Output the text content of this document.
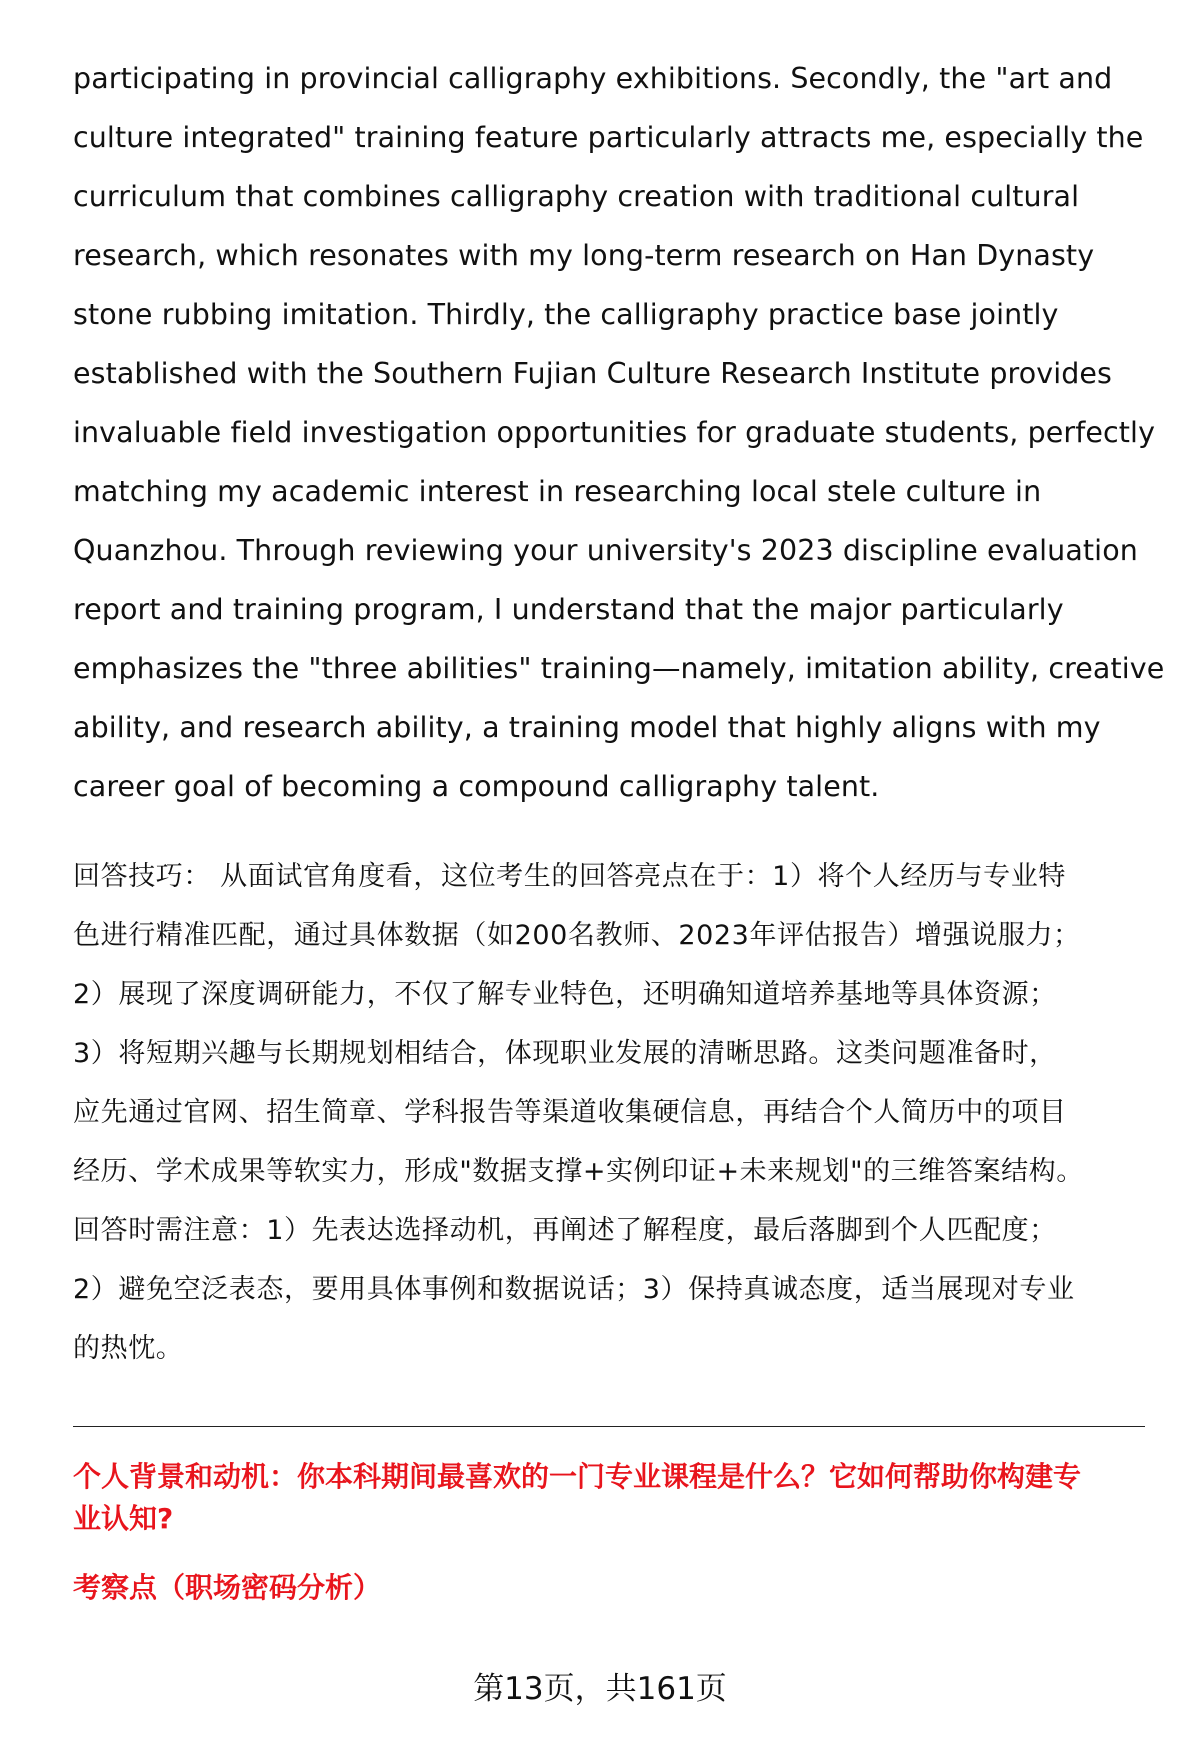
participating in provincial calligraphy exhibitions. Secondly, the "art and
culture integrated" training feature particularly attracts me, especially the
curriculum that combines calligraphy creation with traditional cultural
research, which resonates with my long-term research on Han Dynasty
stone rubbing imitation. Thirdly, the calligraphy practice base jointly
established with the Southern Fujian Culture Research Institute provides
invaluable field investigation opportunities for graduate students, perfectly
matching my academic interest in researching local stele culture in
Quanzhou. Through reviewing your university's 2023 discipline evaluation
report and training program, I understand that the major particularly
emphasizes the "three abilities" training—namely, imitation ability, creative
ability, and research ability, a training model that highly aligns with my
career goal of becoming a compound calligraphy talent.
回答技巧： 从面试官角度看，这位考生的回答亮点在于：1）将个人经历与专业特
色进行精准匹配，通过具体数据（如200名教师、2023年评估报告）增强说服力；
2）展现了深度调研能力，不仅了解专业特色，还明确知道培养基地等具体资源；
3）将短期兴趣与长期规划相结合，体现职业发展的清晰思路。这类问题准备时，
应先通过官网、招生简章、学科报告等渠道收集硬信息，再结合个人简历中的项目
经历、学术成果等软实力，形成"数据支撑+实例印证+未来规划"的三维答案结构。
回答时需注意：1）先表达选择动机，再阐述了解程度，最后落脚到个人匹配度；
2）避免空泛表态，要用具体事例和数据说话；3）保持真诚态度，适当展现对专业
的热忱。
个人背景和动机：你本科期间最喜欢的一门专业课程是什么？它如何帮助你构建专
业认知?
考察点（职场密码分析）
第13页，共161页
